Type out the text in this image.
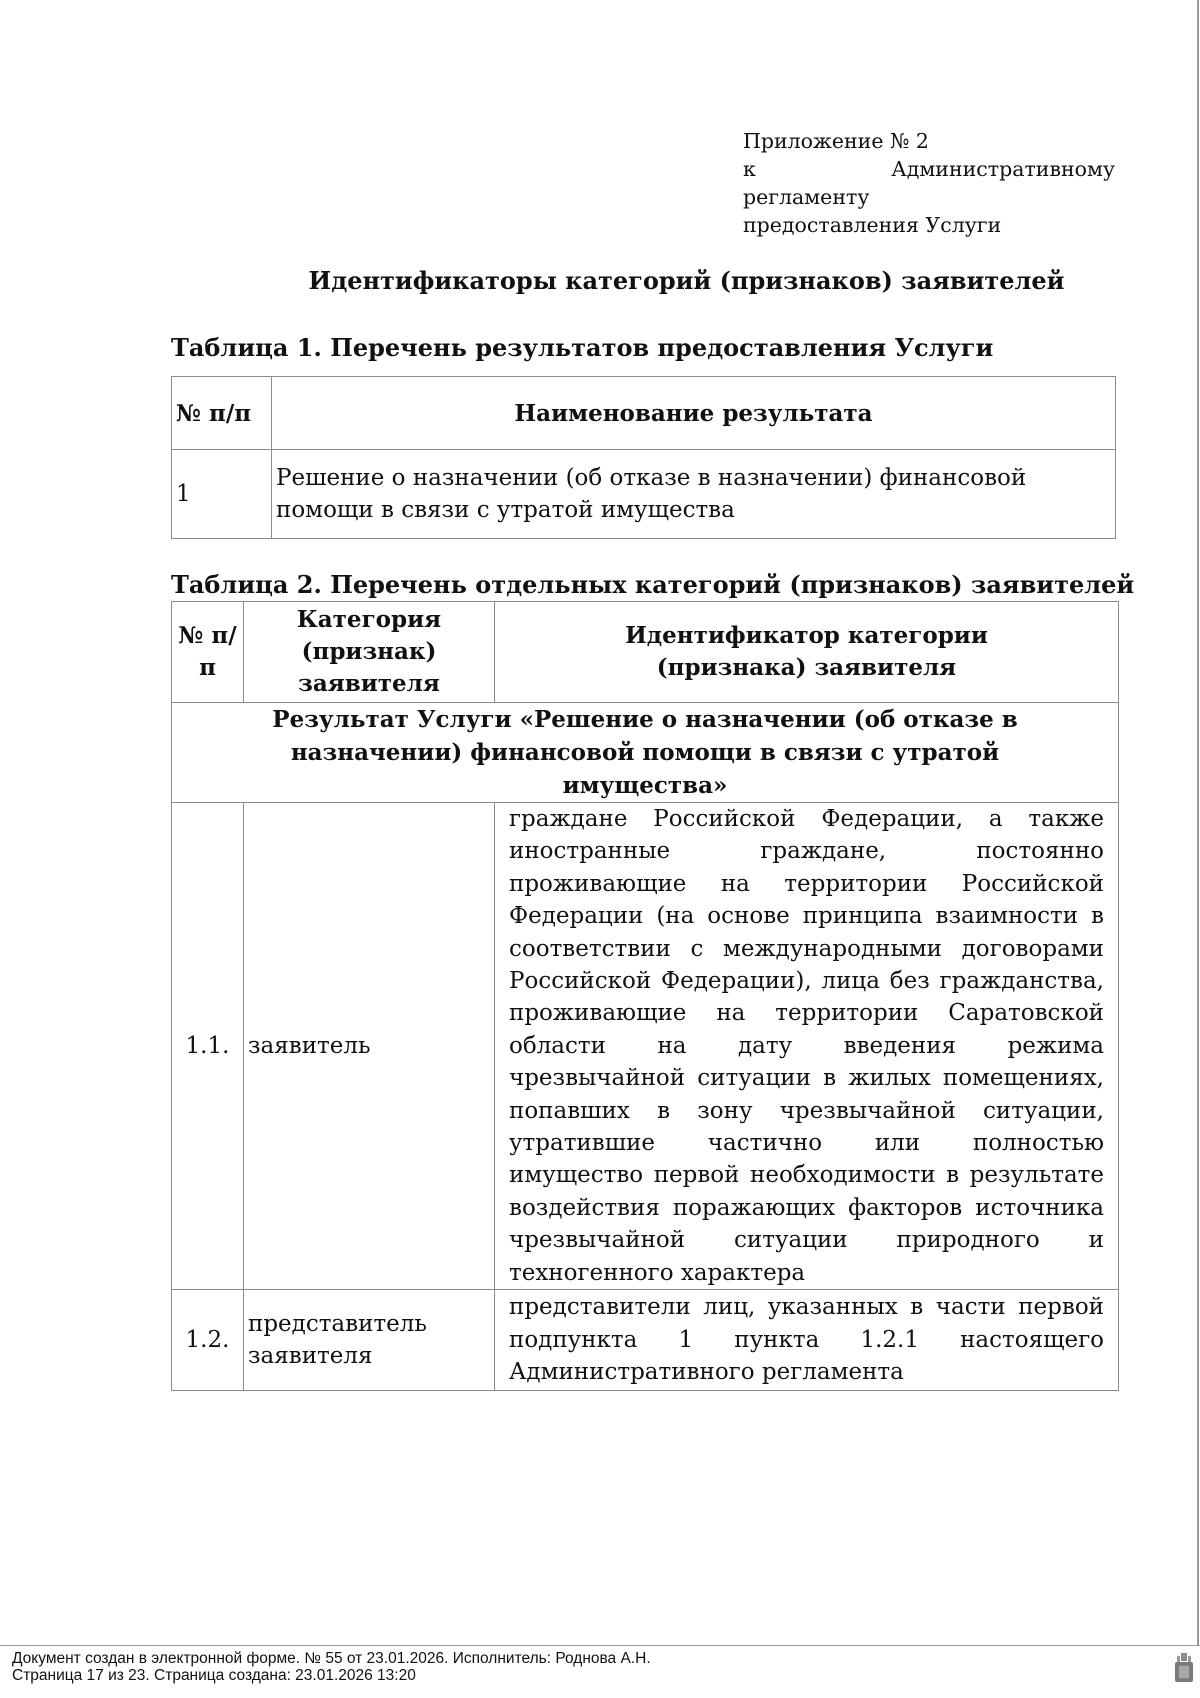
Приложение № 2
к Административному регламенту
предоставления Услуги
Идентификаторы категорий (признаков) заявителей
Таблица 1. Перечень результатов предоставления Услуги
№ п/п	Наименование результата
1	Решение о назначении (об отказе в назначении) финансовой помощи в связи с утратой имущества
Таблица 2. Перечень отдельных категорий (признаков) заявителей
№ п/п	Категория (признак) заявителя	Идентификатор категории (признака) заявителя
Результат Услуги «Решение о назначении (об отказе в назначении) финансовой помощи в связи с утратой имущества»		
1.1.	заявитель	граждане Российской Федерации, а также иностранные граждане, постоянно проживающие на территории Российской Федерации (на основе принципа взаимности в соответствии с международными договорами Российской Федерации), лица без гражданства, проживающие на территории Саратовской области на дату введения режима чрезвычайной ситуации в жилых помещениях, попавших в зону чрезвычайной ситуации, утратившие частично или полностью имущество первой необходимости в результате воздействия поражающих факторов источника чрезвычайной ситуации природного и техногенного характера
1.2.	представитель заявителя	представители лиц, указанных в части первой подпункта 1 пункта 1.2.1 настоящего Административного регламента
Документ создан в электронной форме. № 55 от 23.01.2026. Исполнитель: Роднова А.Н.
Страница 17 из 23. Страница создана: 23.01.2026 13:20
